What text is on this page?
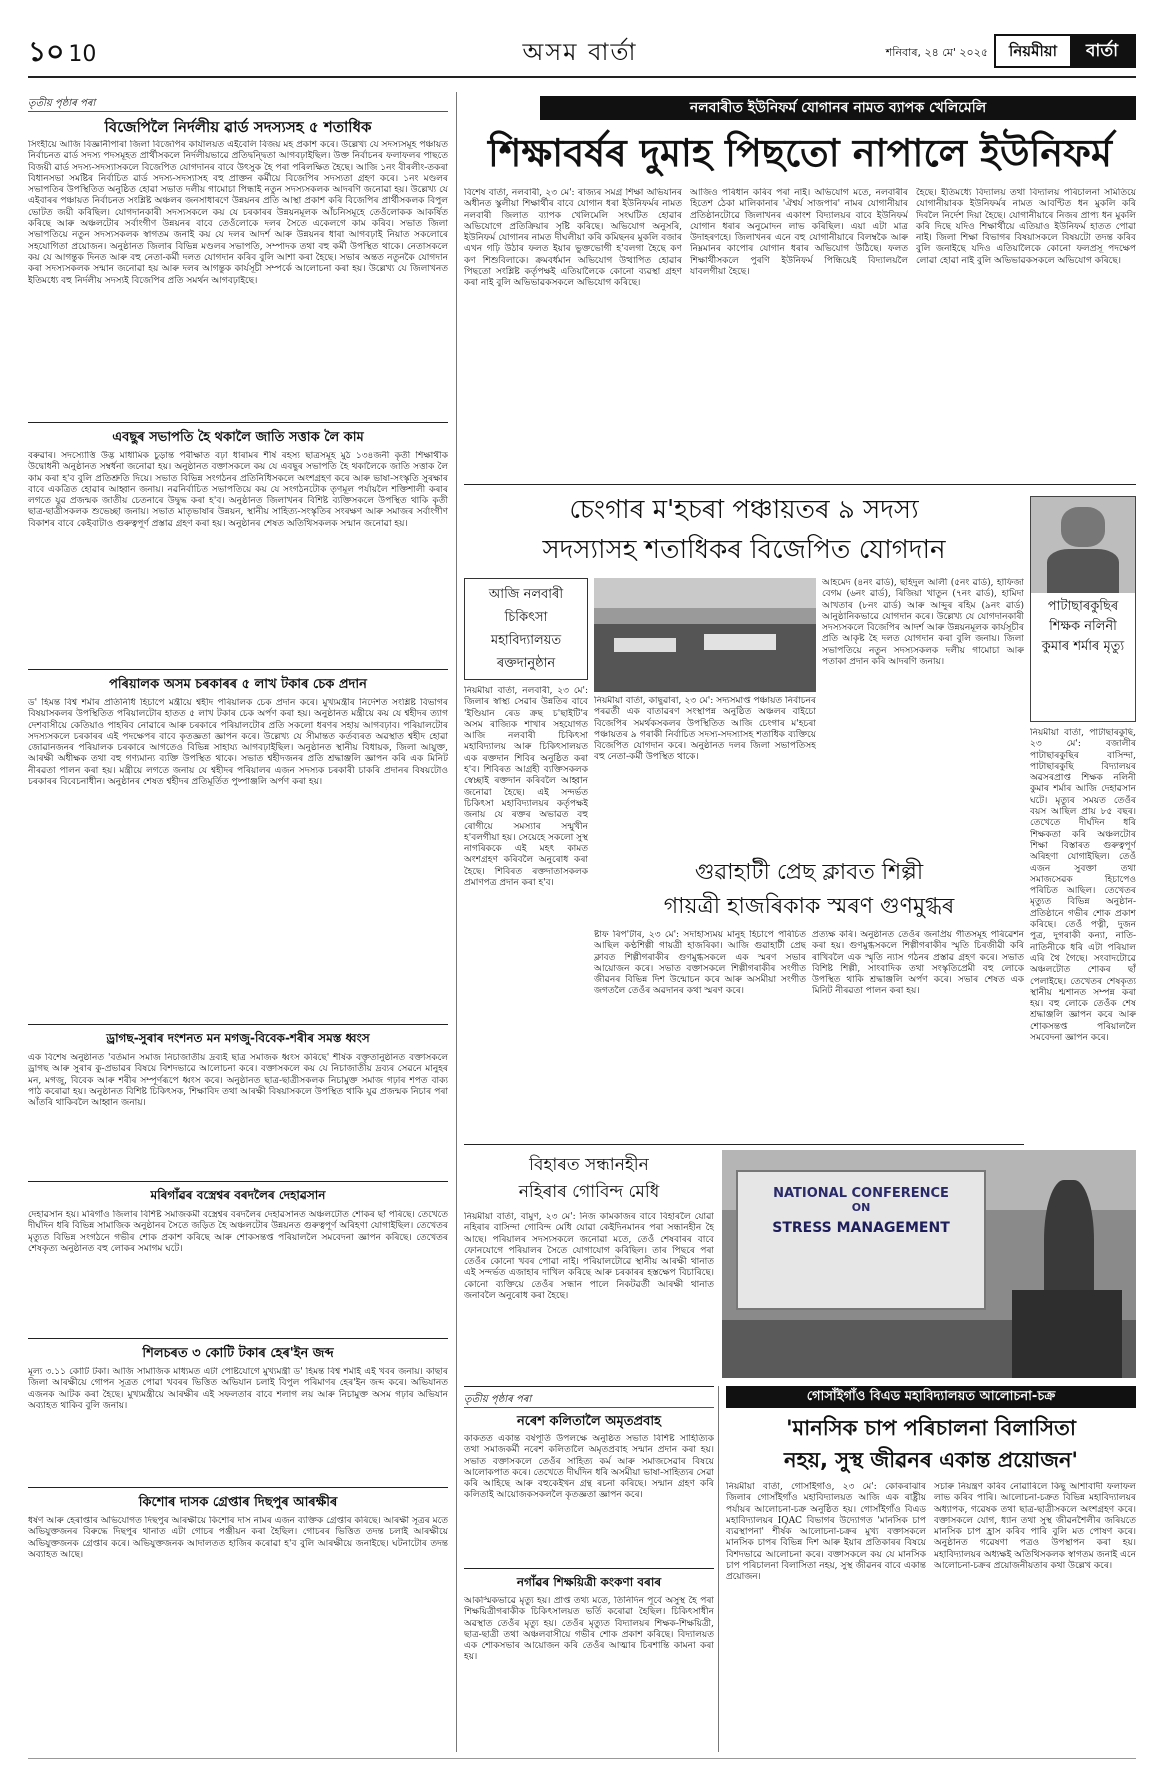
১০ 10	অসম বাৰ্তা	শনিবাৰ, ২৪ মে' ২০২৫	নিয়মীয়া	বাৰ্তা
তৃতীয় পৃষ্ঠাৰ পৰা
বিজেপিলৈ নিৰ্দলীয় ৱাৰ্ড সদস্যসহ ৫ শতাধিক
সিংহীয়ে আজি বিজ্ঞানীপাৰা জিলা বিজেপিৰ কাৰ্যালয়ত এইবেলি বিজয় মহ প্ৰকাশ কৰে। উল্লেখ্য যে সদস্যসমূহ পঞ্চায়ত নিৰ্বাচনত ৱাৰ্ড সদস্য পদসমূহত প্ৰাৰ্থীসকলে নিৰ্দলীয়ভাৱে প্ৰতিদ্বন্দ্বিতা আগবঢ়াইছিল। উক্ত নিৰ্বাচনৰ ফলাফলৰ পাছতে বিজয়ী ৱাৰ্ড সদস্য-সদস্যাসকলে বিজেপিত যোগদানৰ বাবে উৎসুক হৈ পৰা পৰিলক্ষিত হৈছে। আজি ১নং বীৰলীং-তকৰা বিধানসভা সমষ্টিৰ নিৰ্বাচিত ৱাৰ্ড সদস্য-সদস্যাসহ বহু প্ৰাক্তন কৰ্মীয়ে বিজেপিৰ সদস্যতা গ্ৰহণ কৰে। ১নং মণ্ডলৰ সভাপতিৰ উপস্থিতিত অনুষ্ঠিত হোৱা সভাত দলীয় গামোচা পিন্ধাই নতুন সদস্যসকলক আদৰণি জনোৱা হয়। উল্লেখ্য যে এইবাৰৰ পঞ্চায়ত নিৰ্বাচনত সংশ্লিষ্ট অঞ্চলৰ জনসাধাৰণে উন্নয়নৰ প্ৰতি আস্থা প্ৰকাশ কৰি বিজেপিৰ প্ৰাৰ্থীসকলক বিপুল ভোটত জয়ী কৰিছিল। যোগদানকাৰী সদস্যসকলে কয় যে চৰকাৰৰ উন্নয়নমূলক আঁচনিসমূহে তেওঁলোকক আকৰ্ষিত কৰিছে আৰু অঞ্চলটোৰ সৰ্বাংগীণ উন্নয়নৰ বাবে তেওঁলোকে দলৰ সৈতে একেলগে কাম কৰিব। সভাত জিলা সভাপতিয়ে নতুন সদস্যসকলক স্বাগতম জনাই কয় যে দলৰ আদৰ্শ আৰু উন্নয়নৰ ধাৰা আগবঢ়াই নিয়াত সকলোৰে সহযোগিতা প্ৰয়োজন। অনুষ্ঠানত জিলাৰ বিভিন্ন মণ্ডলৰ সভাপতি, সম্পাদক তথা বহু কৰ্মী উপস্থিত থাকে। নেতাসকলে কয় যে আগন্তুক দিনত আৰু বহু নেতা-কৰ্মী দলত যোগদান কৰিব বুলি আশা কৰা হৈছে। সভাৰ অন্তত নতুনকৈ যোগদান কৰা সদস্যসকলক সন্মান জনোৱা হয় আৰু দলৰ আগন্তুক কাৰ্যসূচী সম্পৰ্কে আলোচনা কৰা হয়। উল্লেখ্য যে জিলাখনত ইতিমধ্যে বহু নিৰ্দলীয় সদস্যই বিজেপিৰ প্ৰতি সমৰ্থন আগবঢ়াইছে।
এবছুৰ সভাপতি হৈ থকালৈ জাতি সত্তাক লৈ কাম
বৰুৱাৰ। সদস্যোত্তি উদ্ভ মাধামিক চুড়ান্ত পৰীক্ষাত বঢ়া ধাৰামৰ শীৰ্ষ ৰহস্য ছাত্ৰসমূহ মুঠ ১৩৪জনী কৃতী শিক্ষাৰ্থীক উদ্বোধনী অনুষ্ঠানত সম্বৰ্ধনা জনোৱা হয়। অনুষ্ঠানত বক্তাসকলে কয় যে এবছুৰ সভাপতি হৈ থকালৈকে জাতি সত্তাক লৈ কাম কৰা হ'ব বুলি প্ৰতিশ্ৰুতি দিয়ে। সভাত বিভিন্ন সংগঠনৰ প্ৰতিনিধিসকলে অংশগ্ৰহণ কৰে আৰু ভাষা-সংস্কৃতি সুৰক্ষাৰ বাবে একত্ৰিত হোৱাৰ আহ্বান জনায়। নৱনিৰ্বাচিত সভাপতিয়ে কয় যে সংগঠনটোক তৃণমূল পৰ্যায়লৈ শক্তিশালী কৰাৰ লগতে যুৱ প্ৰজন্মক জাতীয় চেতনাৰে উদ্বুদ্ধ কৰা হ'ব। অনুষ্ঠানত জিলাখনৰ বিশিষ্ট ব্যক্তিসকলে উপস্থিত থাকি কৃতী ছাত্ৰ-ছাত্ৰীসকলক শুভেচ্ছা জনায়। সভাত মাতৃভাষাৰ উন্নয়ন, স্থানীয় সাহিত্য-সংস্কৃতিৰ সংৰক্ষণ আৰু সমাজৰ সৰ্বাংগীণ বিকাশৰ বাবে কেইবাটাও গুৰুত্বপূৰ্ণ প্ৰস্তাৱ গ্ৰহণ কৰা হয়। অনুষ্ঠানৰ শেষত অতিথিসকলক সন্মান জনোৱা হয়।
পৰিয়ালক অসম চৰকাৰৰ ৫ লাখ টকাৰ চেক প্ৰদান
ড' হিমন্ত বিশ্ব শৰ্মাৰ প্ৰতিনিধি হিচাপে মন্ত্ৰীয়ে শ্বহীদ পৰিয়ালক চেক প্ৰদান কৰে। মুখ্যমন্ত্ৰীৰ নিৰ্দেশত সংশ্লিষ্ট বিভাগৰ বিষয়াসকলৰ উপস্থিতিত পৰিয়ালটোৰ হাতত ৫ লাখ টকাৰ চেক অৰ্পণ কৰা হয়। অনুষ্ঠানত মন্ত্ৰীয়ে কয় যে শ্বহীদৰ ত্যাগ দেশবাসীয়ে কেতিয়াও পাহৰিব নোৱাৰে আৰু চৰকাৰে পৰিয়ালটোৰ প্ৰতি সকলো ধৰণৰ সহায় আগবঢ়াব। পৰিয়ালটোৰ সদস্যসকলে চৰকাৰৰ এই পদক্ষেপৰ বাবে কৃতজ্ঞতা জ্ঞাপন কৰে। উল্লেখ্য যে সীমান্তত কৰ্তব্যৰত অৱস্থাত শ্বহীদ হোৱা জোৱানজনৰ পৰিয়ালক চৰকাৰে আগতেও বিভিন্ন সাহায্য আগবঢ়াইছিল। অনুষ্ঠানত স্থানীয় বিধায়ক, জিলা আয়ুক্ত, আৰক্ষী অধীক্ষক তথা বহু গণ্যমান্য ব্যক্তি উপস্থিত থাকে। সভাত শ্বহীদজনৰ প্ৰতি শ্ৰদ্ধাঞ্জলি জ্ঞাপন কৰি এক মিনিট নীৰৱতা পালন কৰা হয়। মন্ত্ৰীয়ে লগতে জনায় যে শ্বহীদৰ পৰিয়ালৰ এজন সদস্যক চৰকাৰী চাকৰি প্ৰদানৰ বিষয়টোও চৰকাৰৰ বিবেচনাধীন। অনুষ্ঠানৰ শেষত শ্বহীদৰ প্ৰতিমূৰ্তিত পুষ্পাঞ্জলি অৰ্পণ কৰা হয়।
ড্ৰাগছ-সুৰাৰ দংশনত মন মগজু-বিবেক-শৰীৰ সমস্ত ধ্বংস
এক বিশেষ অনুষ্ঠানত 'বৰ্তমান সমাজ নিচাজাতীয় দ্ৰব্যই ছাত্ৰ সমাজক ধ্বংস কৰিছে' শীৰ্ষক বক্তৃতানুষ্ঠানত বক্তাসকলে ড্ৰাগছ আৰু সুৰাৰ কু-প্ৰভাৱৰ বিষয়ে বিশদভাৱে আলোচনা কৰে। বক্তাসকলে কয় যে নিচাজাতীয় দ্ৰব্যৰ সেৱনে মানুহৰ মন, মগজু, বিবেক আৰু শৰীৰ সম্পূৰ্ণৰূপে ধ্বংস কৰে। অনুষ্ঠানত ছাত্ৰ-ছাত্ৰীসকলক নিচামুক্ত সমাজ গঢ়াৰ শপত বাক্য পাঠ কৰোৱা হয়। অনুষ্ঠানত বিশিষ্ট চিকিৎসক, শিক্ষাবিদ তথা আৰক্ষী বিষয়াসকলে উপস্থিত থাকি যুৱ প্ৰজন্মক নিচাৰ পৰা আঁতৰি থাকিবলৈ আহ্বান জনায়।
মৰিগাঁৱৰ বস্ত্ৰেশ্বৰ বৰদলৈৰ দেহাৱসান
দেহাৱসান হয়। মৰিগাঁও জিলাৰ বিশিষ্ট সমাজকৰ্মী বস্ত্ৰেশ্বৰ বৰদলৈৰ দেহাৱসানত অঞ্চলটোত শোকৰ ছাঁ পৰিছে। তেখেতে দীৰ্ঘদিন ধৰি বিভিন্ন সামাজিক অনুষ্ঠানৰ সৈতে জড়িত হৈ অঞ্চলটোৰ উন্নয়নত গুৰুত্বপূৰ্ণ অৰিহণা যোগাইছিল। তেখেতৰ মৃত্যুত বিভিন্ন সংগঠনে গভীৰ শোক প্ৰকাশ কৰিছে আৰু শোকসন্তপ্ত পৰিয়াললৈ সমবেদনা জ্ঞাপন কৰিছে। তেখেতৰ শেষকৃত্য অনুষ্ঠানত বহু লোকৰ সমাগম ঘটে।
শিলচৰত ৩ কোটি টকাৰ হেৰ'ইন জব্দ
মূল্য ৩.১১ কোটি টকা। আজি সামাজিক মাধ্যমত এটা পোষ্টযোগে মুখ্যমন্ত্ৰী ড' হিমন্ত বিশ্ব শৰ্মাই এই খবৰ জনায়। কাছাৰ জিলা আৰক্ষীয়ে গোপন সূত্ৰত পোৱা খবৰৰ ভিত্তিত অভিযান চলাই বিপুল পৰিমাণৰ হেৰ'ইন জব্দ কৰে। অভিযানত এজনক আটক কৰা হৈছে। মুখ্যমন্ত্ৰীয়ে আৰক্ষীৰ এই সফলতাৰ বাবে শলাগ লয় আৰু নিচামুক্ত অসম গঢ়াৰ অভিযান অব্যাহত থাকিব বুলি জনায়।
কিশোৰ দাসক গ্ৰেপ্তাৰ দিছপুৰ আৰক্ষীৰ
ধৰ্ষণ আৰু হেৰাপ্তাৰ অভিযোগত দিছপুৰ আৰক্ষীয়ে কিশোৰ দাস নামৰ এজন ব্যক্তিক গ্ৰেপ্তাৰ কৰিছে। আৰক্ষী সূত্ৰৰ মতে অভিযুক্তজনৰ বিৰুদ্ধে দিছপুৰ থানাত এটা গোচৰ পঞ্জীয়ন কৰা হৈছিল। গোচৰৰ ভিত্তিত তদন্ত চলাই আৰক্ষীয়ে অভিযুক্তজনক গ্ৰেপ্তাৰ কৰে। অভিযুক্তজনক আদালতত হাজিৰ কৰোৱা হ'ব বুলি আৰক্ষীয়ে জনাইছে। ঘটনাটোৰ তদন্ত অব্যাহত আছে।
নলবাৰীত ইউনিফৰ্ম যোগানৰ নামত ব্যাপক খেলিমেলি
শিক্ষাবৰ্ষৰ দুমাহ পিছতো নাপালে ইউনিফৰ্ম
বিশেষ বাৰ্তা, নলবাৰী, ২৩ মে': ৰাজ্যৰ সমগ্ৰ শিক্ষা অভিযানৰ অধীনত স্কুলীয়া শিক্ষাৰ্থীৰ বাবে যোগান ধৰা ইউনিফৰ্মৰ নামত নলবাৰী জিলাত ব্যাপক খেলিমেলি সংঘটিত হোৱাৰ অভিযোগে প্ৰতিক্ৰিয়াৰ সৃষ্টি কৰিছে। অভিযোগ অনুসৰি, ইউনিফৰ্ম যোগানৰ নামত দীঘলীয়া কৰি কমিছনৰ মুকলি বজাৰ এখন গঢ়ি উঠাৰ ফলত ইয়াৰ ভুক্তভোগী হ'বলগা হৈছে কণ কণ শিশুবিলাকে। ক্ৰমবৰ্ধমান অভিযোগ উত্থাপিত হোৱাৰ পিছতো সংশ্লিষ্ট কৰ্তৃপক্ষই এতিয়ালৈকে কোনো ব্যৱস্থা গ্ৰহণ কৰা নাই বুলি অভিভাৱকসকলে অভিযোগ কৰিছে।
আজিও পৰিধান কৰিব পৰা নাই। অভিযোগ মতে, নলবাৰীৰ হিতেশ ঠেকা মালিকানাৰ 'ঐশ্বৰ্য সাজপাৰ' নামৰ যোগানীয়াৰ প্ৰতিষ্ঠানটোৱে জিলাখনৰ একাংশ বিদ্যালয়ৰ বাবে ইউনিফৰ্ম যোগান ধৰাৰ অনুমোদন লাভ কৰিছিল। এয়া এটা মাত্ৰ উদাহৰণহে। জিলাখনৰ এনে বহু যোগানীয়াৰে বিলম্বকৈ আৰু নিম্নমানৰ কাপোৰ যোগান ধৰাৰ অভিযোগ উঠিছে। ফলত শিক্ষাৰ্থীসকলে পুৰণি ইউনিফৰ্ম পিন্ধিয়েই বিদ্যালয়লৈ যাবলগীয়া হৈছে।
হৈছে। ইতিমধ্যে বিদ্যালয় তথা বিদ্যালয় পৰিচালনা সমিতিয়ে যোগানীয়াৰক ইউনিফৰ্মৰ নামত আবণ্টিত ধন মুকলি কৰি দিবলৈ নিৰ্দেশ দিয়া হৈছে। যোগানীয়াৰে নিজৰ প্ৰাপ্য ধন মুকলি কৰি দিছে যদিও শিক্ষাৰ্থীয়ে এতিয়াও ইউনিফৰ্ম হাতত পোৱা নাই। জিলা শিক্ষা বিভাগৰ বিষয়াসকলে বিষয়টো তদন্ত কৰিব বুলি জনাইছে যদিও এতিয়ালৈকে কোনো ফলপ্ৰসূ পদক্ষেপ লোৱা হোৱা নাই বুলি অভিভাৱকসকলে অভিযোগ কৰিছে।
চেংগাৰ ম'হচৰা পঞ্চায়তৰ ৯ সদস্য
সদস্যাসহ শতাধিকৰ বিজেপিত যোগদান
পাটাছাৰকুছিৰ শিক্ষক নলিনী কুমাৰ শৰ্মাৰ মৃত্যু
আজি নলবাৰী চিকিৎসা মহাবিদ্যালয়ত ৰক্তদানুষ্ঠান
নিয়মীয়া বাৰ্তা, নলবাৰী, ২৩ মে': জিলাৰ স্বাস্থ্য সেৱাৰ উন্নতিৰ বাবে 'ইণ্ডিয়ান ৰেড ক্ৰছ চ'ছাইটি'ৰ অসম ৰাজ্যিক শাখাৰ সহযোগত আজি নলবাৰী চিকিৎসা মহাবিদ্যালয় আৰু চিকিৎসালয়ত এক ৰক্তদান শিবিৰ অনুষ্ঠিত কৰা হ'ব। শিবিৰত আগ্ৰহী ব্যক্তিসকলক স্বেচ্ছাই ৰক্তদান কৰিবলৈ আহ্বান জনোৱা হৈছে। এই সন্দৰ্ভত চিকিৎসা মহাবিদ্যালয়ৰ কৰ্তৃপক্ষই জনায় যে ৰক্তৰ অভাৱত বহু ৰোগীয়ে সমস্যাৰ সন্মুখীন হ'বলগীয়া হয়। সেয়েহে সকলো সুস্থ নাগৰিককে এই মহৎ কামত অংশগ্ৰহণ কৰিবলৈ অনুৰোধ কৰা হৈছে। শিবিৰত ৰক্তদাতাসকলক প্ৰমাণপত্ৰ প্ৰদান কৰা হ'ব।
নিয়মীয়া বাৰ্তা, কাছুৱাৰা, ২৩ মে': সদ্যসমাপ্ত পঞ্চায়ত নিৰ্বাচনৰ পৰৱৰ্তী এক বাতাৱৰণ সংস্থাপন্ন অনুষ্ঠিত অঞ্চলৰ বাইচো বিজেপিৰ সমৰ্থকসকলৰ উপস্থিতিত আজি চেংগাৰ ম'হচৰা পঞ্চায়তৰ ৯ গৰাকী নিৰ্বাচিত সদস্য-সদস্যাসহ শতাধিক ব্যক্তিয়ে বিজেপিত যোগদান কৰে। অনুষ্ঠানত দলৰ জিলা সভাপতিসহ বহু নেতা-কৰ্মী উপস্থিত থাকে।
আহমেদ (৪নং ৱাৰ্ড), ছহিদুল আলী (৫নং ৱাৰ্ড), হাফিজা বেগম (৬নং ৱাৰ্ড), ৰিজিয়া খাতুন (৭নং ৱাৰ্ড), হামিদা আখতাৰ (৮নং ৱাৰ্ড) আৰু আব্দুৰ ৰহিম (৯নং ৱাৰ্ড) আনুষ্ঠানিকভাৱে যোগদান কৰে। উল্লেখ্য যে যোগদানকাৰী সদস্যসকলে বিজেপিৰ আদৰ্শ আৰু উন্নয়নমূলক কাৰ্যসূচীৰ প্ৰতি আকৃষ্ট হৈ দলত যোগদান কৰা বুলি জনায়। জিলা সভাপতিয়ে নতুন সদস্যসকলক দলীয় গামোচা আৰু পতাকা প্ৰদান কৰি আদৰণি জনায়।
নিয়মীয়া বাৰ্তা, পাটাছাৰকুছি, ২৩ মে': বজালীৰ পাটাছাৰকুছিৰ বাসিন্দা, পাটাছাৰকুছি বিদ্যালয়ৰ অৱসৰপ্ৰাপ্ত শিক্ষক নলিনী কুমাৰ শৰ্মাৰ আজি দেহাৱসান ঘটে। মৃত্যুৰ সময়ত তেওঁৰ বয়স আছিল প্ৰায় ৮৫ বছৰ। তেখেতে দীৰ্ঘদিন ধৰি শিক্ষকতা কৰি অঞ্চলটোৰ শিক্ষা বিস্তাৰত গুৰুত্বপূৰ্ণ অৰিহণা যোগাইছিল। তেওঁ এজন সুবক্তা তথা সমাজসেৱক হিচাপেও পৰিচিত আছিল। তেখেতৰ মৃত্যুত বিভিন্ন অনুষ্ঠান-প্ৰতিষ্ঠানে গভীৰ শোক প্ৰকাশ কৰিছে। তেওঁ পত্নী, দুজন পুত্ৰ, দুগৰাকী কন্যা, নাতি-নাতিনীকে ধৰি এটা পৰিয়াল এৰি থৈ গৈছে। সংবাদটোৱে অঞ্চলটোত শোকৰ ছাঁ পেলাইছে। তেখেতৰ শেষকৃত্য স্থানীয় শ্মশানত সম্পন্ন কৰা হয়। বহু লোকে তেওঁক শেষ শ্ৰদ্ধাঞ্জলি জ্ঞাপন কৰে আৰু শোকসন্তপ্ত পৰিয়াললৈ সমবেদনা জ্ঞাপন কৰে।
গুৱাহাটী প্ৰেছ ক্লাবত শিল্পী
গায়ত্ৰী হাজৰিকাক স্মৰণ গুণমুগ্ধৰ
ষ্টাফ ৰিপ'ৰ্টাৰ, ২৩ মে': সদাহাস্যময় মানুহ হিচাপে পৰিচিত আছিল কণ্ঠশিল্পী গায়ত্ৰী হাজৰিকা। আজি গুৱাহাটী প্ৰেছ ক্লাবত শিল্পীগৰাকীৰ গুণমুগ্ধসকলে এক স্মৰণ সভাৰ আয়োজন কৰে। সভাত বক্তাসকলে শিল্পীগৰাকীৰ সংগীত জীৱনৰ বিভিন্ন দিশ উন্মোচন কৰে আৰু অসমীয়া সংগীত জগতলৈ তেওঁৰ অৱদানৰ কথা স্মৰণ কৰে।
প্ৰত্যক্ষ কৰি। অনুষ্ঠানত তেওঁৰ জনপ্ৰিয় গীতসমূহ পৰিৱেশন কৰা হয়। গুণমুগ্ধসকলে শিল্পীগৰাকীৰ স্মৃতি চিৰজীৱী কৰি ৰাখিবলৈ এক স্মৃতি ন্যাস গঠনৰ প্ৰস্তাৱ গ্ৰহণ কৰে। সভাত বিশিষ্ট শিল্পী, সাংবাদিক তথা সংস্কৃতিপ্ৰেমী বহু লোকে উপস্থিত থাকি শ্ৰদ্ধাঞ্জলি অৰ্পণ কৰে। সভাৰ শেষত এক মিনিট নীৰৱতা পালন কৰা হয়।
বিহাৰত সন্ধানহীন
নহিৰাৰ গোবিন্দ মেধি
নিয়মীয়া বাৰ্তা, বামুণ, ২৩ মে': নিজ কামকাজৰ বাবে বিহাৰলৈ যোৱা নহিৰাৰ বাসিন্দা গোবিন্দ মেধি যোৱা কেইদিনমানৰ পৰা সন্ধানহীন হৈ আছে। পৰিয়ালৰ সদস্যসকলে জনোৱা মতে, তেওঁ শেষবাৰৰ বাবে ফোনযোগে পৰিয়ালৰ সৈতে যোগাযোগ কৰিছিল। তাৰ পিছৰে পৰা তেওঁৰ কোনো খবৰ পোৱা নাই। পৰিয়ালটোৱে স্থানীয় আৰক্ষী থানাত এই সন্দৰ্ভত এজাহাৰ দাখিল কৰিছে আৰু চৰকাৰৰ হস্তক্ষেপ বিচাৰিছে। কোনো ব্যক্তিয়ে তেওঁৰ সন্ধান পালে নিকটৱৰ্তী আৰক্ষী থানাত জনাবলৈ অনুৰোধ কৰা হৈছে।
NATIONAL CONFERENCE
ON
STRESS MANAGEMENT
তৃতীয় পৃষ্ঠাৰ পৰা
নৰেশ কলিতালৈ অমৃতপ্ৰবাহ
কাকতত একান্ত বৰ্ষপূৰ্তি উপলক্ষে অনুষ্ঠিত সভাত বিশিষ্ট সাহিত্যিক তথা সমাজকৰ্মী নৰেশ কলিতালৈ অমৃতপ্ৰবাহ সন্মান প্ৰদান কৰা হয়। সভাত বক্তাসকলে তেওঁৰ সাহিত্য কৰ্ম আৰু সমাজসেৱাৰ বিষয়ে আলোকপাত কৰে। তেখেতে দীৰ্ঘদিন ধৰি অসমীয়া ভাষা-সাহিত্যৰ সেৱা কৰি আহিছে আৰু বহুকেইখন গ্ৰন্থ ৰচনা কৰিছে। সন্মান গ্ৰহণ কৰি কলিতাই আয়োজকসকললৈ কৃতজ্ঞতা জ্ঞাপন কৰে।
নগাঁৱৰ শিক্ষয়িত্ৰী কংকণা বৰাৰ
আকস্মিকভাৱে মৃত্যু হয়। প্ৰাপ্ত তথ্য মতে, তিনিদিন পূৰ্বে অসুস্থ হৈ পৰা শিক্ষয়িত্ৰীগৰাকীক চিকিৎসালয়ত ভৰ্তি কৰোৱা হৈছিল। চিকিৎসাধীন অৱস্থাত তেওঁৰ মৃত্যু হয়। তেওঁৰ মৃত্যুত বিদ্যালয়ৰ শিক্ষক-শিক্ষয়িত্ৰী, ছাত্ৰ-ছাত্ৰী তথা অঞ্চলবাসীয়ে গভীৰ শোক প্ৰকাশ কৰিছে। বিদ্যালয়ত এক শোকসভাৰ আয়োজন কৰি তেওঁৰ আত্মাৰ চিৰশান্তি কামনা কৰা হয়।
গোসাঁইগাঁও বিএড মহাবিদ্যালয়ত আলোচনা-চক্ৰ
'মানসিক চাপ পৰিচালনা বিলাসিতা
নহয়, সুস্থ জীৱনৰ একান্ত প্ৰয়োজন'
নিয়মীয়া বাৰ্তা, গোসাঁইগাঁও, ২৩ মে': কোকৰাঝাৰ জিলাৰ গোসাঁইগাঁও মহাবিদ্যালয়ত আজি এক ৰাষ্ট্ৰীয় পৰ্যায়ৰ আলোচনা-চক্ৰ অনুষ্ঠিত হয়। গোসাঁইগাঁও বিএড মহাবিদ্যালয়ৰ IQAC বিভাগৰ উদ্যোগত 'মানসিক চাপ ব্যৱস্থাপনা' শীৰ্ষক আলোচনা-চক্ৰৰ মুখ্য বক্তাসকলে মানসিক চাপৰ বিভিন্ন দিশ আৰু ইয়াৰ প্ৰতিকাৰৰ বিষয়ে বিশদভাৱে আলোচনা কৰে। বক্তাসকলে কয় যে মানসিক চাপ পৰিচালনা বিলাসিতা নহয়, সুস্থ জীৱনৰ বাবে একান্ত প্ৰয়োজন।
সচাৰু নিয়ন্ত্ৰণ কৰিব নোৱাৰিলে কিছু আশাবাদী ফলাফল লাভ কৰিব পাৰি। আলোচনা-চক্ৰত বিভিন্ন মহাবিদ্যালয়ৰ অধ্যাপক, গৱেষক তথা ছাত্ৰ-ছাত্ৰীসকলে অংশগ্ৰহণ কৰে। বক্তাসকলে যোগ, ধ্যান তথা সুস্থ জীৱনশৈলীৰ জৰিয়তে মানসিক চাপ হ্ৰাস কৰিব পাৰি বুলি মত পোষণ কৰে। অনুষ্ঠানত গৱেষণা পত্ৰও উপস্থাপন কৰা হয়। মহাবিদ্যালয়ৰ অধ্যক্ষই অতিথিসকলক স্বাগতম জনাই এনে আলোচনা-চক্ৰৰ প্ৰয়োজনীয়তাৰ কথা উল্লেখ কৰে।
